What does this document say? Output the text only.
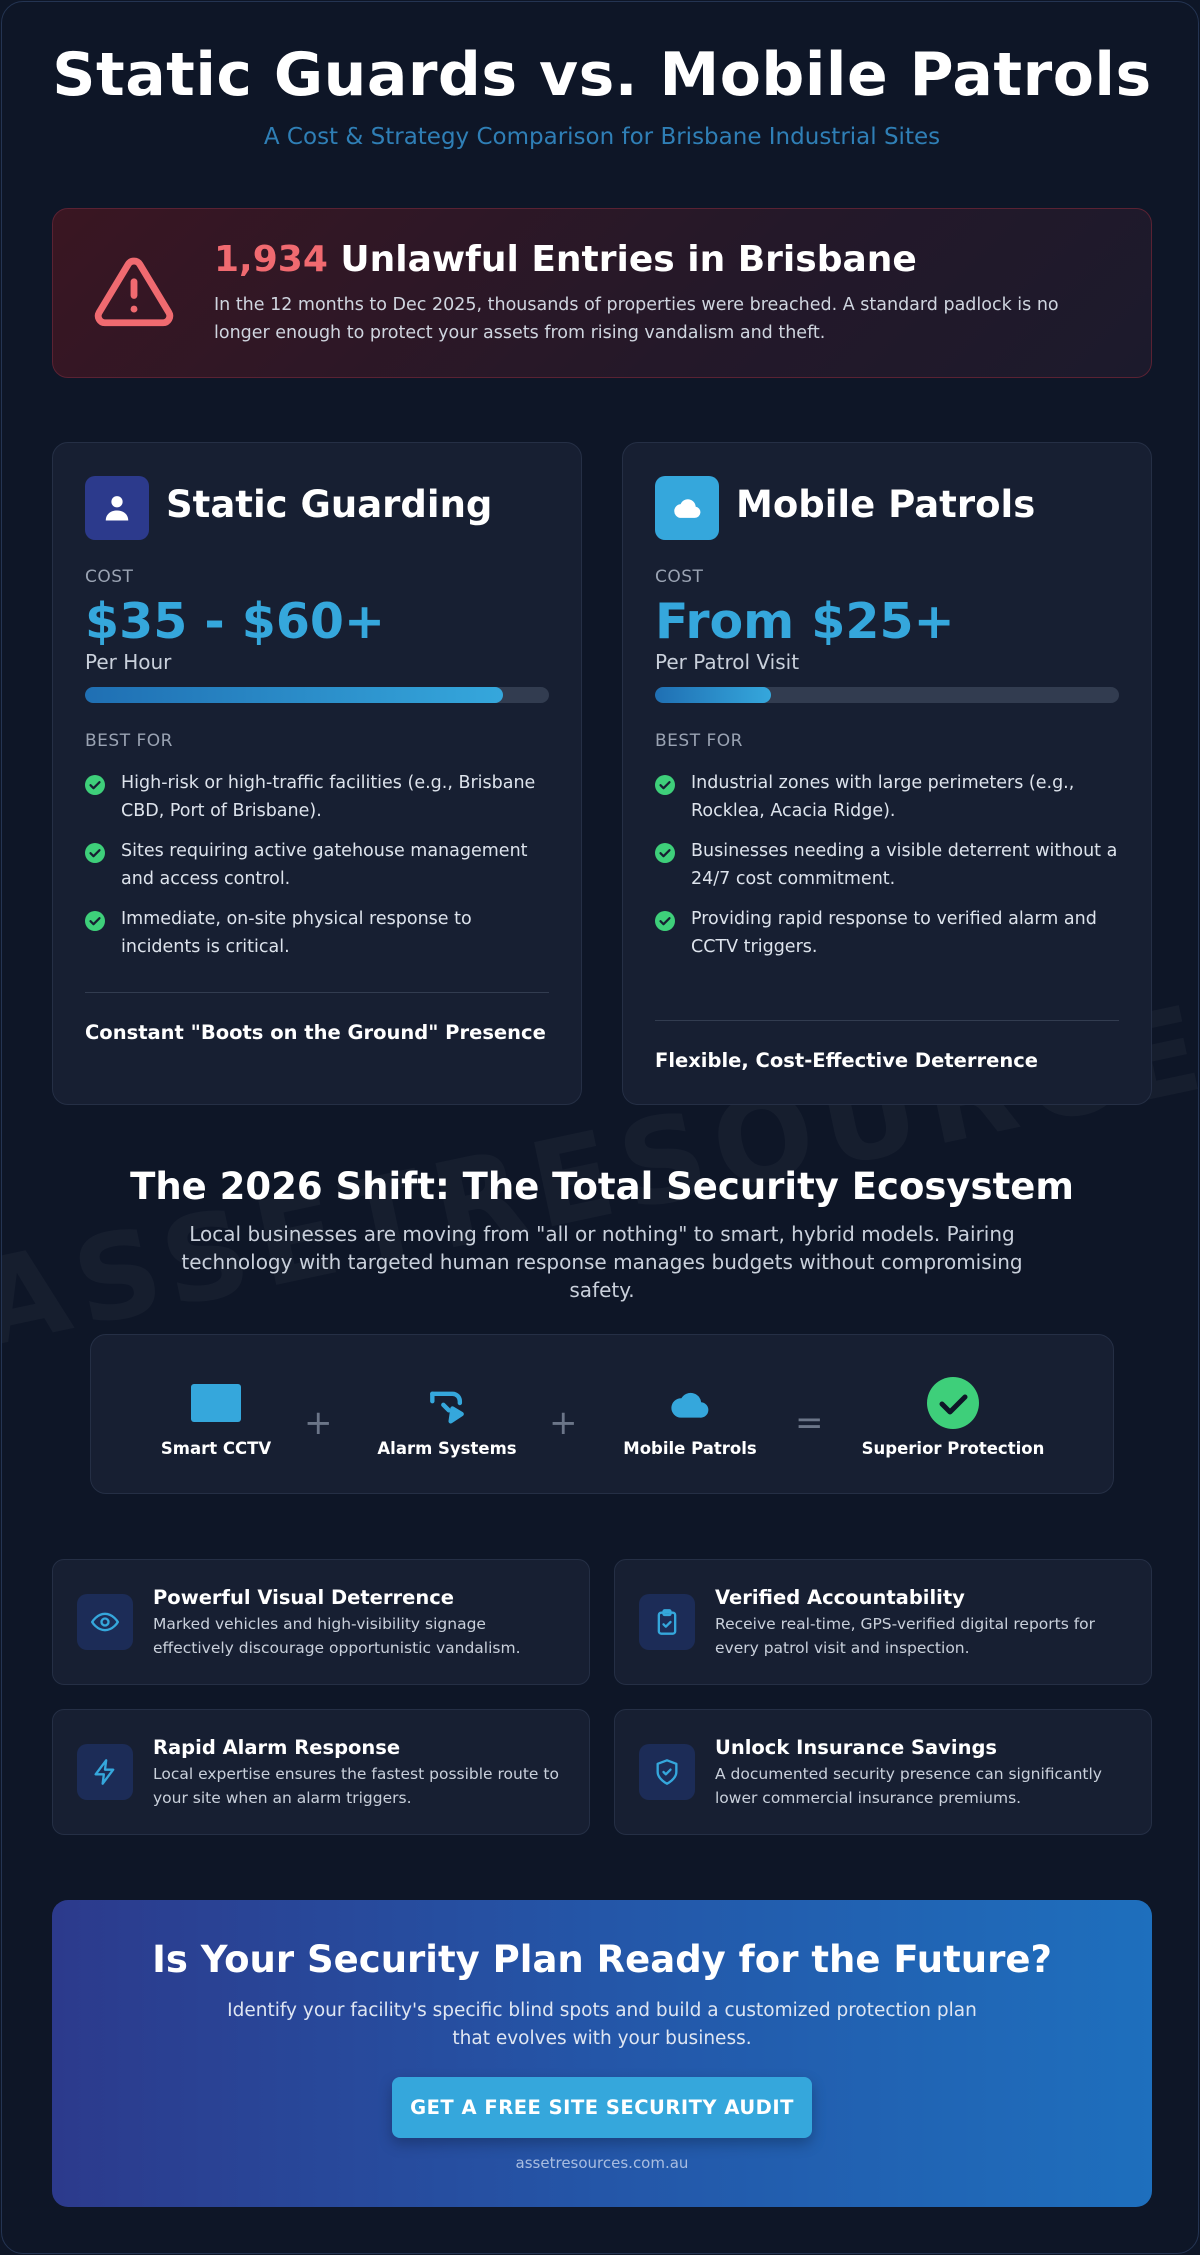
Static Guards vs. Mobile Patrols
A Cost & Strategy Comparison for Brisbane Industrial Sites
1,934 Unlawful Entries in Brisbane
In the 12 months to Dec 2025, thousands of properties were breached. A standard padlock is no longer enough to protect your assets from rising vandalism and theft.
Static Guarding
COST
$35 - $60+
Per Hour
BEST FOR
High-risk or high-traffic facilities (e.g., Brisbane CBD, Port of Brisbane).
Sites requiring active gatehouse management and access control.
Immediate, on-site physical response to incidents is critical.
Constant "Boots on the Ground" Presence
Mobile Patrols
COST
From $25+
Per Patrol Visit
BEST FOR
Industrial zones with large perimeters (e.g., Rocklea, Acacia Ridge).
Businesses needing a visible deterrent without a 24/7 cost commitment.
Providing rapid response to verified alarm and CCTV triggers.
Flexible, Cost-Effective Deterrence
The 2026 Shift: The Total Security Ecosystem

Local businesses are moving from "all or nothing" to smart, hybrid models. Pairing technology with targeted human response manages budgets without compromising safety.

Smart CCTV
+
Alarm Systems
+
Mobile Patrols
=
Superior Protection
Powerful Visual Deterrence
Marked vehicles and high-visibility signage effectively discourage opportunistic vandalism.
Verified Accountability
Receive real-time, GPS-verified digital reports for every patrol visit and inspection.
Rapid Alarm Response
Local expertise ensures the fastest possible route to your site when an alarm triggers.
Unlock Insurance Savings
A documented security presence can significantly lower commercial insurance premiums.
Is Your Security Plan Ready for the Future?

Identify your facility's specific blind spots and build a customized protection plan that evolves with your business.

GET A FREE SITE SECURITY AUDIT
assetresources.com.au
